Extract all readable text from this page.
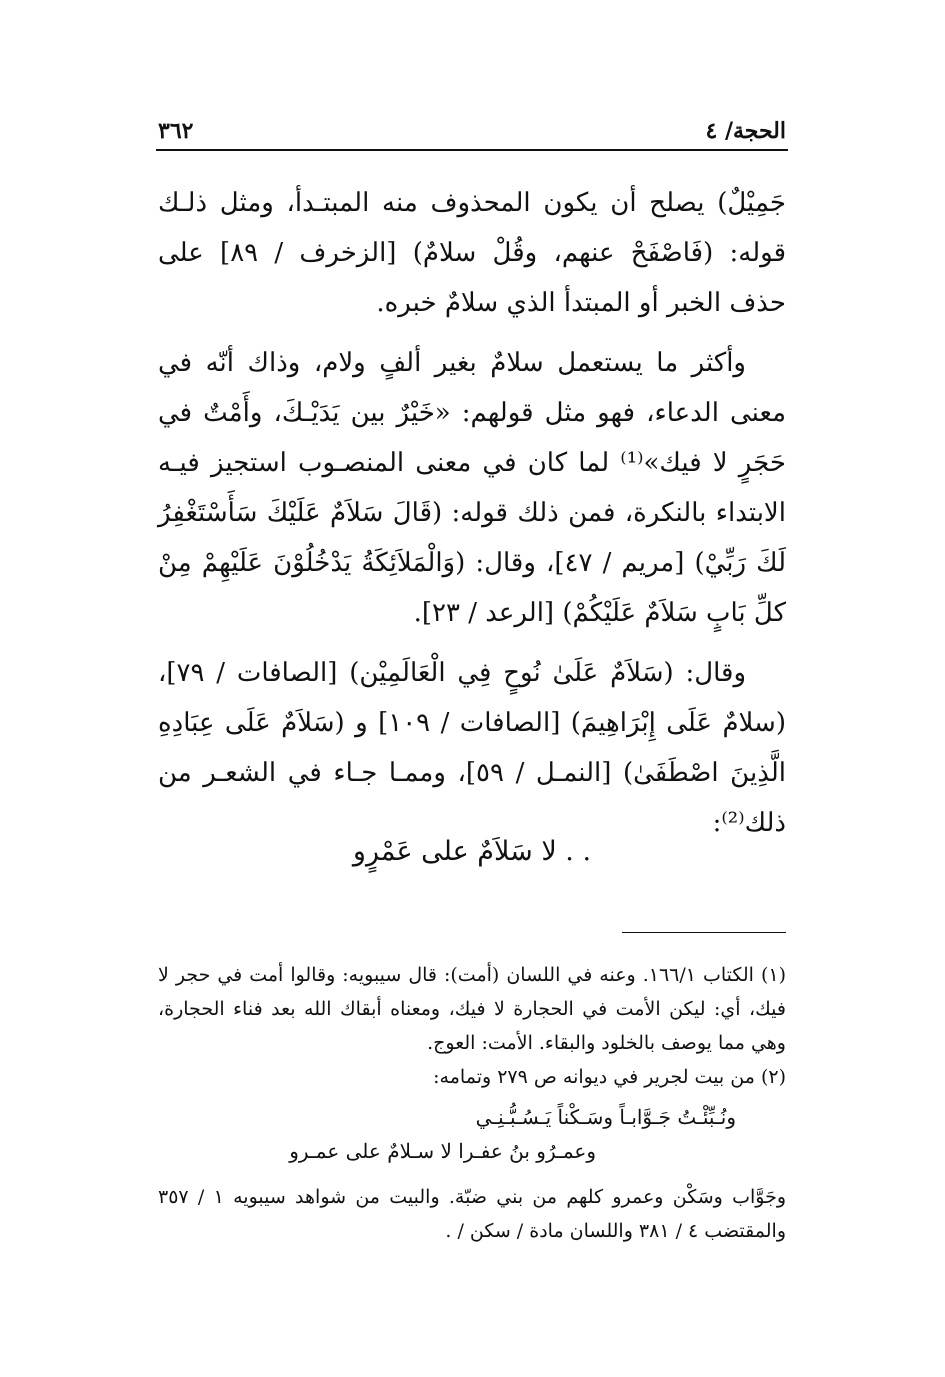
الحجة/ ٤
٣٦٢

جَمِيْلٌ) يصلح أن يكون المحذوف منه المبتـدأ، ومثل ذلـك قوله: (فَاصْفَحْ عنهم، وقُلْ سلامٌ) [الزخرف / ٨٩] على حذف الخبر أو المبتدأ الذي سلامٌ خبره.

وأكثر ما يستعمل سلامٌ بغير ألفٍ ولام، وذاك أنّه في معنى الدعاء، فهو مثل قولهم: «خَيْرٌ بين يَدَيْـكَ، وأَمْتٌ في حَجَرٍ لا فيك»⁽¹⁾ لما كان في معنى المنصـوب استجيز فيـه الابتداء بالنكرة، فمن ذلك قوله: (قَالَ سَلاَمٌ عَلَيْكَ سَأَسْتَغْفِرُ لَكَ رَبِّيْ) [مريم / ٤٧]، وقال: (وَالْمَلاَئِكَةُ يَدْخُلُوْنَ عَلَيْهِمْ مِنْ كلِّ بَابٍ سَلاَمٌ عَلَيْكُمْ) [الرعد / ٢٣].

وقال: (سَلاَمٌ عَلَىٰ نُوحٍ فِي الْعَالَمِيْن) [الصافات / ٧٩]، (سلامٌ عَلَى إِبْرَاهِيمَ) [الصافات / ١٠٩] و (سَلاَمٌ عَلَى عِبَادِهِ الَّذِينَ اصْطَفَىٰ) [النمـل / ٥٩]، وممـا جـاء في الشعـر من ذلك⁽²⁾:

. . لا سَلاَمٌ على عَمْرٍو

(١) الكتاب ١٦٦/١. وعنه في اللسان (أمت): قال سيبويه: وقالوا أمت في حجر لا فيك، أي: ليكن الأمت في الحجارة لا فيك، ومعناه أبقاك الله بعد فناء الحجارة، وهي مما يوصف بالخلود والبقاء. الأمت: العوج.

(٢) من بيت لجرير في ديوانه ص ٢٧٩ وتمامه:

ونُـبِّئْـتُ جَـوَّابـاً وسَـكْناً يَـسُـبُّـنِـي
وعمـرُو بنُ عفـرا لا سـلامٌ على عمـرو

وجَوَّاب وسَكْن وعمرو كلهم من بني ضبّة. والبيت من شواهد سيبويه ١ / ٣٥٧ والمقتضب ٤ / ٣٨١ واللسان مادة / سكن / .
